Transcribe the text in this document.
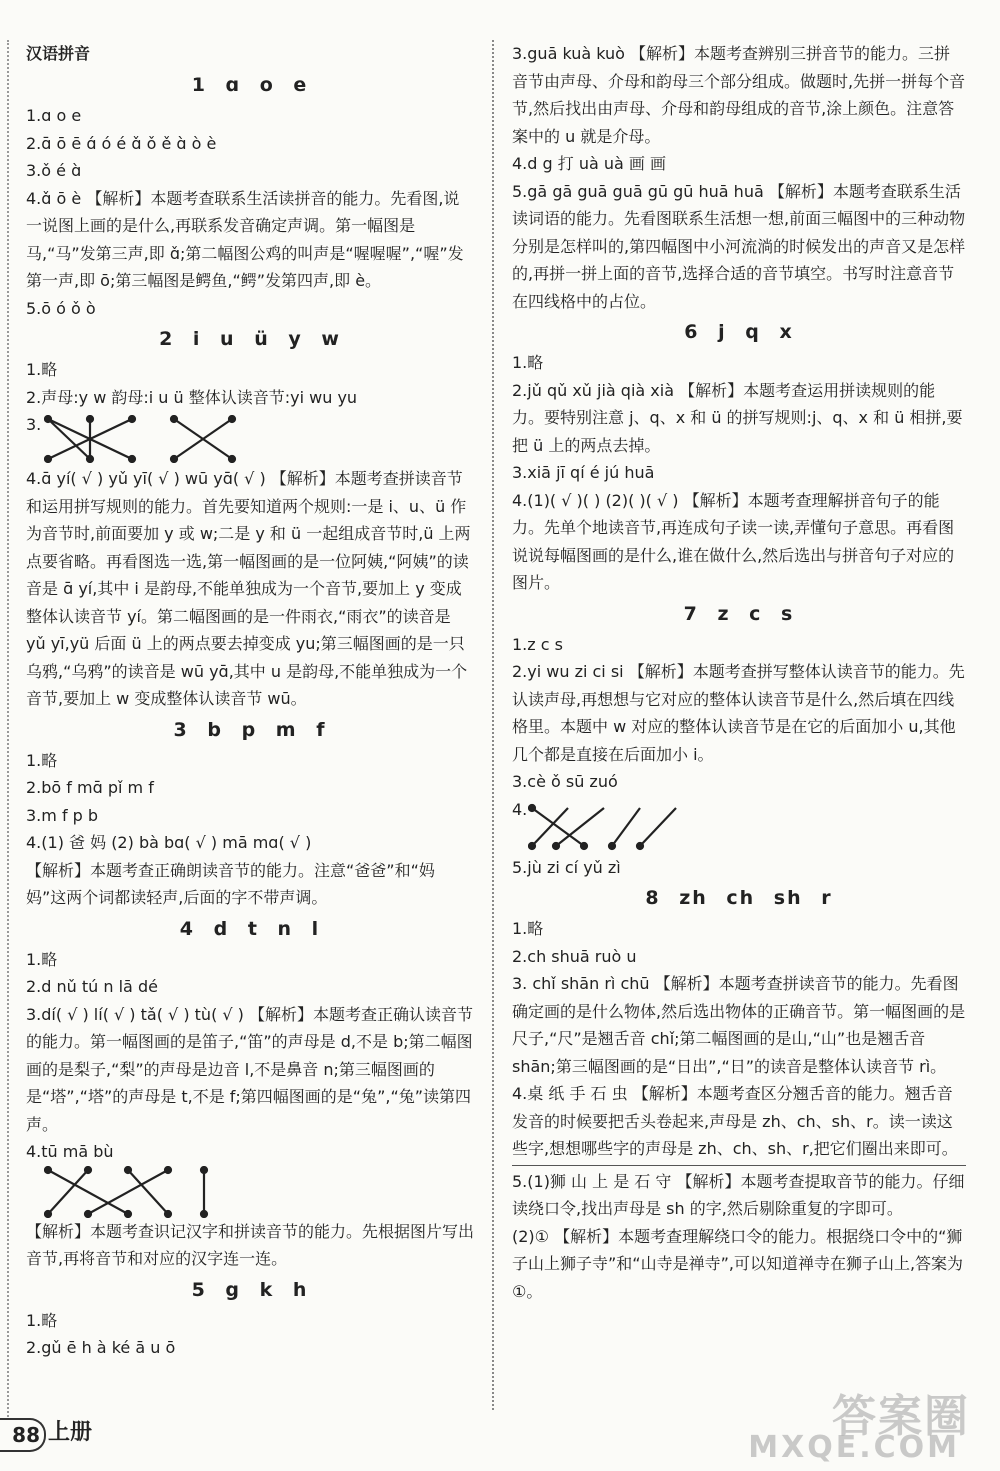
汉语拼音
1 ɑ o e
1.ɑ o e
2.ɑ̄ ō ē ɑ́ ó é ɑ̌ ǒ ě ɑ̀ ò è
3.ǒ é ɑ̀
4.ɑ̌ ō è 【解析】本题考查联系生活读拼音的能力。先看图,说一说图上画的是什么,再联系发音确定声调。第一幅图是马,“马”发第三声,即 ɑ̌;第二幅图公鸡的叫声是“喔喔喔”,“喔”发第一声,即 ō;第三幅图是鳄鱼,“鳄”发第四声,即 è。
5.ō ó ǒ ò
2 i u ü y w
1.略
2.声母:y w 韵母:i u ü 整体认读音节:yi wu yu
3.
4.ɑ̄ yí( √ ) yǔ yī( √ ) wū yɑ̄( √ ) 【解析】本题考查拼读音节和运用拼写规则的能力。首先要知道两个规则:一是 i、u、ü 作为音节时,前面要加 y 或 w;二是 y 和 ü 一起组成音节时,ü 上两点要省略。再看图选一选,第一幅图画的是一位阿姨,“阿姨”的读音是 ɑ̄ yí,其中 i 是韵母,不能单独成为一个音节,要加上 y 变成整体认读音节 yí。第二幅图画的是一件雨衣,“雨衣”的读音是 yǔ yī,yü 后面 ü 上的两点要去掉变成 yu;第三幅图画的是一只乌鸦,“乌鸦”的读音是 wū yɑ̄,其中 u 是韵母,不能单独成为一个音节,要加上 w 变成整体认读音节 wū。
3 b p m f
1.略
2.bō f mɑ̄ pǐ m f
3.m f p b
4.(1) 爸 妈 (2) bà bɑ( √ ) mā mɑ( √ )
【解析】本题考查正确朗读音节的能力。注意“爸爸”和“妈妈”这两个词都读轻声,后面的字不带声调。
4 d t n l
1.略
2.d nǔ tú n lā dé
3.dí( √ ) lí( √ ) tǎ( √ ) tù( √ ) 【解析】本题考查正确认读音节的能力。第一幅图画的是笛子,“笛”的声母是 d,不是 b;第二幅图画的是梨子,“梨”的声母是边音 l,不是鼻音 n;第三幅图画的是“塔”,“塔”的声母是 t,不是 f;第四幅图画的是“兔”,“兔”读第四声。
4.tū mā bù
【解析】本题考查识记汉字和拼读音节的能力。先根据图片写出音节,再将音节和对应的汉字连一连。
5 g k h
1.略
2.gǔ ē h à ké ā u ō
3.guā kuà kuò 【解析】本题考查辨别三拼音节的能力。三拼音节由声母、介母和韵母三个部分组成。做题时,先拼一拼每个音节,然后找出由声母、介母和韵母组成的音节,涂上颜色。注意答案中的 u 就是介母。
4.d g 打 uà uà 画 画
5.gā gā guā guā gū gū huā huā 【解析】本题考查联系生活读词语的能力。先看图联系生活想一想,前面三幅图中的三种动物分别是怎样叫的,第四幅图中小河流淌的时候发出的声音又是怎样的,再拼一拼上面的音节,选择合适的音节填空。书写时注意音节在四线格中的占位。
6 j q x
1.略
2.jǔ qǔ xǔ jià qià xià 【解析】本题考查运用拼读规则的能力。要特别注意 j、q、x 和 ü 的拼写规则:j、q、x 和 ü 相拼,要把 ü 上的两点去掉。
3.xiā jī qí é jú huā
4.(1)( √ )( ) (2)( )( √ ) 【解析】本题考查理解拼音句子的能力。先单个地读音节,再连成句子读一读,弄懂句子意思。再看图说说每幅图画的是什么,谁在做什么,然后选出与拼音句子对应的图片。
7 z c s
1.z c s
2.yi wu zi ci si 【解析】本题考查拼写整体认读音节的能力。先认读声母,再想想与它对应的整体认读音节是什么,然后填在四线格里。本题中 w 对应的整体认读音节是在它的后面加小 u,其他几个都是直接在后面加小 i。
3.cè ǒ sū zuó
4.
5.jù zi cí yǔ zì
8 zh ch sh r
1.略
2.ch shuā ruò u
3. chǐ shān rì chū 【解析】本题考查拼读音节的能力。先看图确定画的是什么物体,然后选出物体的正确音节。第一幅图画的是尺子,“尺”是翘舌音 chǐ;第二幅图画的是山,“山”也是翘舌音 shān;第三幅图画的是“日出”,“日”的读音是整体认读音节 rì。
4.桌 纸 手 石 虫 【解析】本题考查区分翘舌音的能力。翘舌音发音的时候要把舌头卷起来,声母是 zh、ch、sh、r。读一读这些字,想想哪些字的声母是 zh、ch、sh、r,把它们圈出来即可。
5.(1)狮 山 上 是 石 守 【解析】本题考查提取音节的能力。仔细读绕口令,找出声母是 sh 的字,然后剔除重复的字即可。
(2)① 【解析】本题考查理解绕口令的能力。根据绕口令中的“狮子山上狮子寺”和“山寺是禅寺”,可以知道禅寺在狮子山上,答案为①。
88 上册	答案圈
MXQE.COM
